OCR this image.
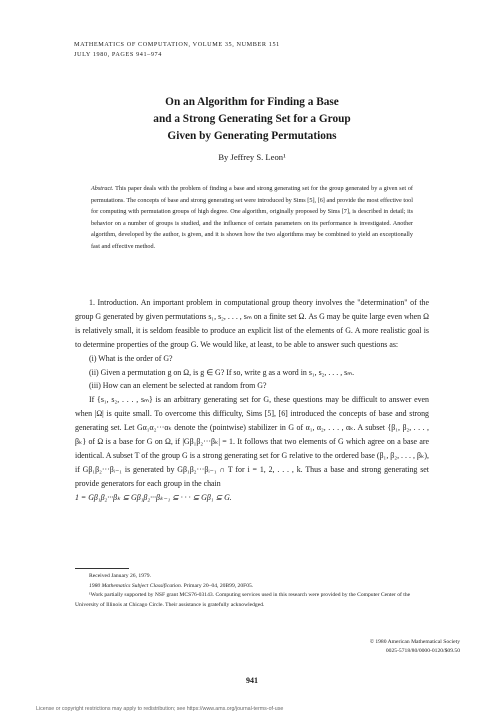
MATHEMATICS OF COMPUTATION, VOLUME 35, NUMBER 151
JULY 1980, PAGES 941–974
On an Algorithm for Finding a Base
and a Strong Generating Set for a Group
Given by Generating Permutations
By Jeffrey S. Leon¹
Abstract. This paper deals with the problem of finding a base and strong generating set for the group generated by a given set of permutations. The concepts of base and strong generating set were introduced by Sims [5], [6] and provide the most effective tool for computing with permutation groups of high degree. One algorithm, originally proposed by Sims [7], is described in detail; its behavior on a number of groups is studied, and the influence of certain parameters on its performance is investigated. Another algorithm, developed by the author, is given, and it is shown how the two algorithms may be combined to yield an exceptionally fast and effective method.

1. Introduction. An important problem in computational group theory involves the "determination" of the group G generated by given permutations s₁, s₂, . . . , sₘ on a finite set Ω. As G may be quite large even when Ω is relatively small, it is seldom feasible to produce an explicit list of the elements of G. A more realistic goal is to determine properties of the group G. We would like, at least, to be able to answer such questions as:

(i) What is the order of G?

(ii) Given a permutation g on Ω, is g ∈ G? If so, write g as a word in s₁, s₂, . . . , sₘ.

(iii) How can an element be selected at random from G?

If {s₁, s₂, . . . , sₘ} is an arbitrary generating set for G, these questions may be difficult to answer even when |Ω| is quite small. To overcome this difficulty, Sims [5], [6] introduced the concepts of base and strong generating set. Let Gα₁α₂···αₖ denote the (pointwise) stabilizer in G of α₁, α₂, . . . , αₖ. A subset {β₁, β₂, . . . , βₖ} of Ω is a base for G on Ω, if |Gβ₁β₂···βₖ| = 1. It follows that two elements of G which agree on a base are identical. A subset T of the group G is a strong generating set for G relative to the ordered base (β₁, β₂, . . . , βₖ), if Gβ₁β₂···βᵢ₋₁ is generated by Gβ₁β₂···βᵢ₋₁ ∩ T for i = 1, 2, . . . , k. Thus a base and strong generating set provide generators for each group in the chain

1 = Gβ₁β₂···βₖ ⊆ Gβ₁β₂···βₖ₋₁ ⊆ · · · ⊆ Gβ₁ ⊆ G.

Received January 26, 1979.

1980 Mathematics Subject Classification. Primary 20–04, 20B99, 20F05.

¹Work partially supported by NSF grant MCS76-03143. Computing services used in this research were provided by the Computer Center of the University of Illinois at Chicago Circle. Their assistance is gratefully acknowledged.

© 1980 American Mathematical Society
0025-5718/80/0000-0120/$09.50
941
License or copyright restrictions may apply to redistribution; see https://www.ams.org/journal-terms-of-use
